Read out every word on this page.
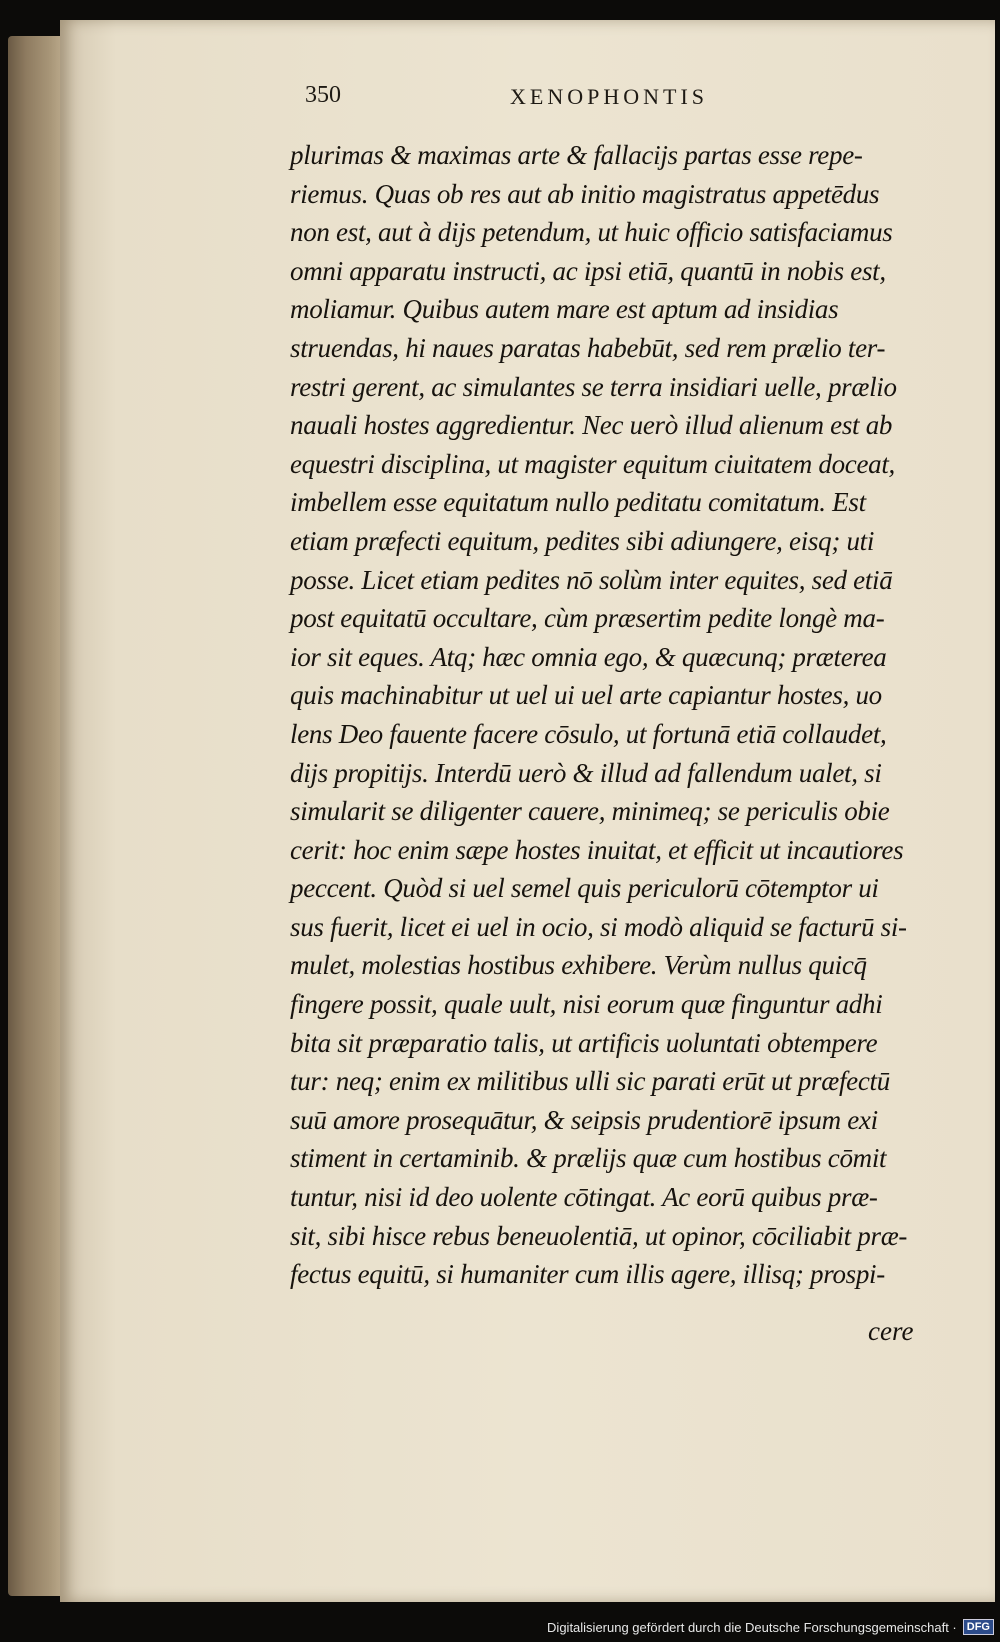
350	XENOPHONTIS
plurimas & maximas arte & fallacijs partas esse repe-
riemus. Quas ob res aut ab initio magistratus appetēdus
non est, aut à dijs petendum, ut huic officio satisfaciamus
omni apparatu instructi, ac ipsi etiā, quantū in nobis est,
moliamur. Quibus autem mare est aptum ad insidias
struendas, hi naues paratas habebūt, sed rem prælio ter-
restri gerent, ac simulantes se terra insidiari uelle, prælio
nauali hostes aggredientur. Nec uerò illud alienum est ab
equestri disciplina, ut magister equitum ciuitatem doceat,
imbellem esse equitatum nullo peditatu comitatum. Est
etiam præfecti equitum, pedites sibi adiungere, eisq; uti
posse. Licet etiam pedites nō solùm inter equites, sed etiā
post equitatū occultare, cùm præsertim pedite longè ma-
ior sit eques. Atq; hæc omnia ego, & quæcunq; præterea
quis machinabitur ut uel ui uel arte capiantur hostes, uo
lens Deo fauente facere cōsulo, ut fortunā etiā collaudet,
dijs propitijs. Interdū uerò & illud ad fallendum ualet, si
simularit se diligenter cauere, minimeq; se periculis obie
cerit: hoc enim sæpe hostes inuitat, et efficit ut incautiores
peccent. Quòd si uel semel quis periculorū cōtemptor ui
sus fuerit, licet ei uel in ocio, si modò aliquid se facturū si-
mulet, molestias hostibus exhibere. Verùm nullus quicq̄
fingere possit, quale uult, nisi eorum quæ finguntur adhi
bita sit præparatio talis, ut artificis uoluntati obtempere
tur: neq; enim ex militibus ulli sic parati erūt ut præfectū
suū amore prosequātur, & seipsis prudentiorē ipsum exi
stiment in certaminib. & prælijs quæ cum hostibus cōmit
tuntur, nisi id deo uolente cōtingat. Ac eorū quibus præ-
sit, sibi hisce rebus beneuolentiā, ut opinor, cōciliabit præ-
fectus equitū, si humaniter cum illis agere, illisq; prospi-
cere
Digitalisierung gefördert durch die Deutsche Forschungsgemeinschaft · DFG
